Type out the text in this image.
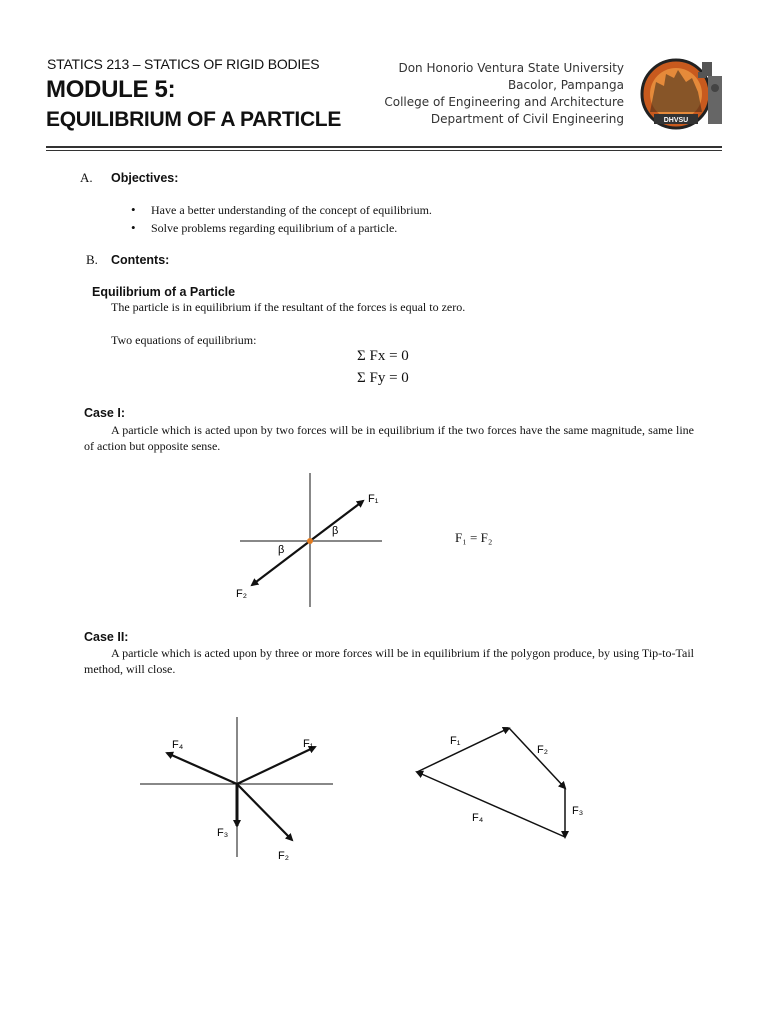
STATICS 213 – STATICS OF RIGID BODIES
MODULE 5:
EQUILIBRIUM OF A PARTICLE
Don Honorio Ventura State University
Bacolor, Pampanga
College of Engineering and Architecture
Department of Civil Engineering	DHVSU
A. Objectives:
• Have a better understanding of the concept of equilibrium.
• Solve problems regarding equilibrium of a particle.
B. Contents:
Equilibrium of a Particle
The particle is in equilibrium if the resultant of the forces is equal to zero.
Two equations of equilibrium:
Σ Fx = 0
Σ Fy = 0
Case I:
A particle which is acted upon by two forces will be in equilibrium if the two forces have the same magnitude, same line of action but opposite sense.
F₁
F₂
β
β
F₁ = F₂
Case II:
A particle which is acted upon by three or more forces will be in equilibrium if the polygon produce, by using Tip-to-Tail method, will close.
F₁
F₂
F₃
F₄	F₁
F₂
F₃
F₄
